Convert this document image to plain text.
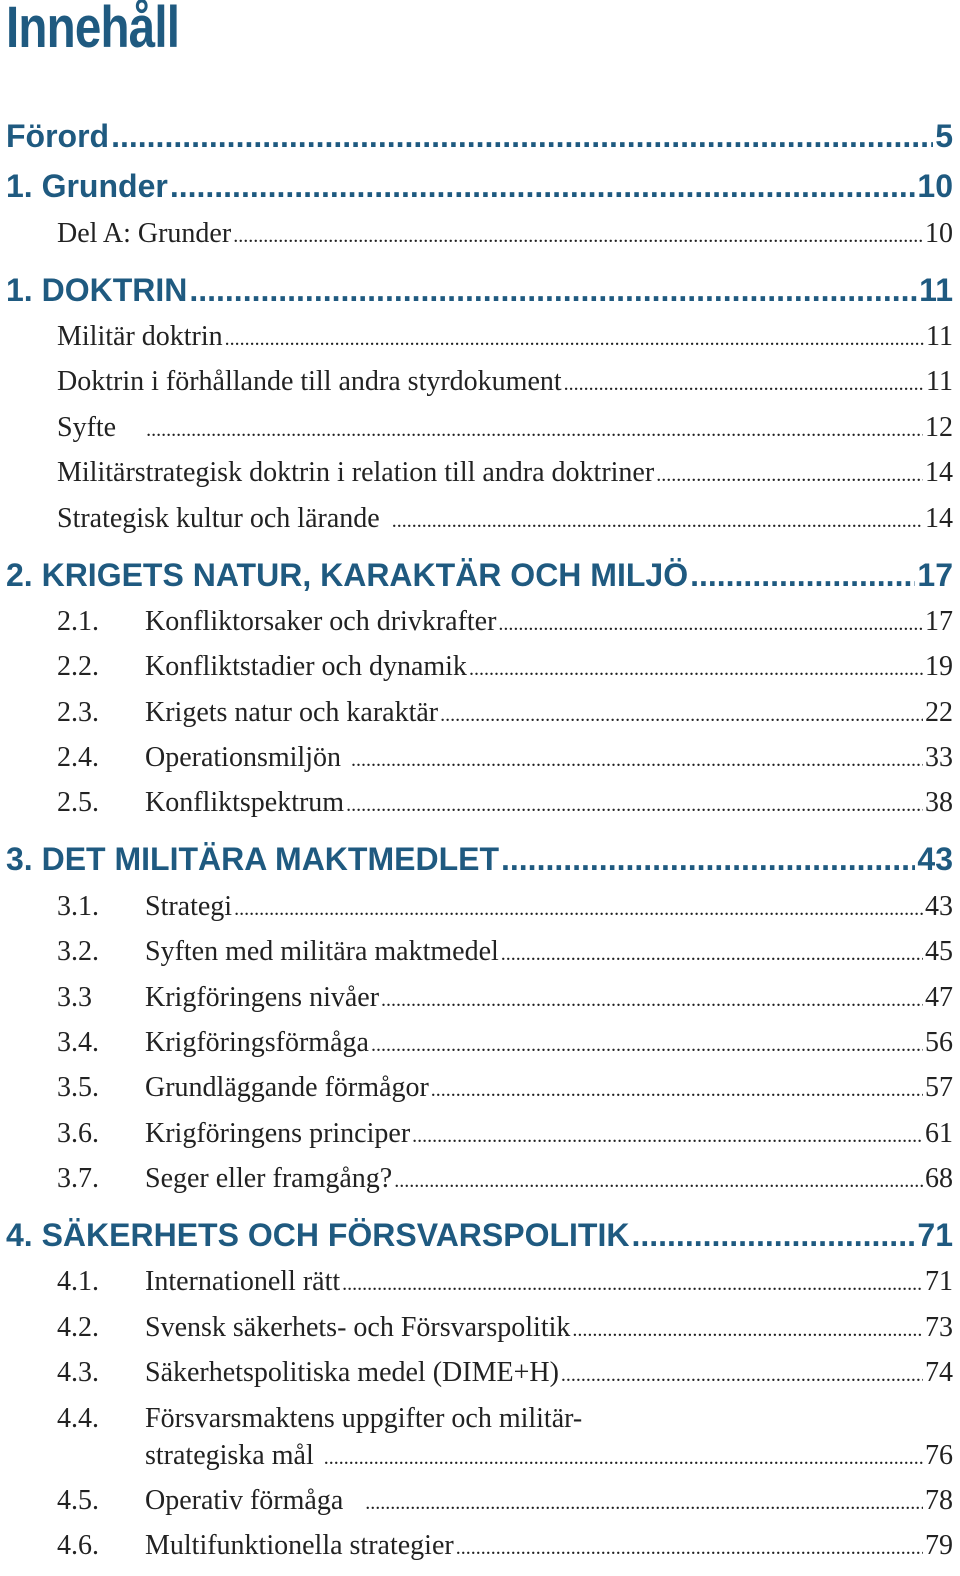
Innehåll
Förord .....	5
1. Grunder .....	10
Del A: Grunder .....	10
1. DOKTRIN .....	11
Militär doktrin .....	11
Doktrin i förhållande till andra styrdokument .....	11
Syfte .....	12
Militärstrategisk doktrin i relation till andra doktriner .....	14
Strategisk kultur och lärande .....	14
2. KRIGETS NATUR, KARAKTÄR OCH MILJÖ .....	17
2.1.	Konfliktorsaker och drivkrafter .....	17
2.2.	Konfliktstadier och dynamik .....	19
2.3.	Krigets natur och karaktär .....	22
2.4.	Operationsmiljön .....	33
2.5.	Konfliktspektrum .....	38
3. DET MILITÄRA MAKTMEDLET .....	43
3.1.	Strategi .....	43
3.2.	Syften med militära maktmedel .....	45
3.3	Krigföringens nivåer .....	47
3.4.	Krigföringsförmåga .....	56
3.5.	Grundläggande förmågor .....	57
3.6.	Krigföringens principer .....	61
3.7.	Seger eller framgång? .....	68
4. SÄKERHETS OCH FÖRSVARSPOLITIK .....	71
4.1.	Internationell rätt .....	71
4.2.	Svensk säkerhets- och Försvarspolitik .....	73
4.3.	Säkerhetspolitiska medel (DIME+H) .....	74
4.4. Försvarsmaktens uppgifter och militär-
strategiska mål .....	76
4.5.	Operativ förmåga .....	78
4.6.	Multifunktionella strategier .....	79
